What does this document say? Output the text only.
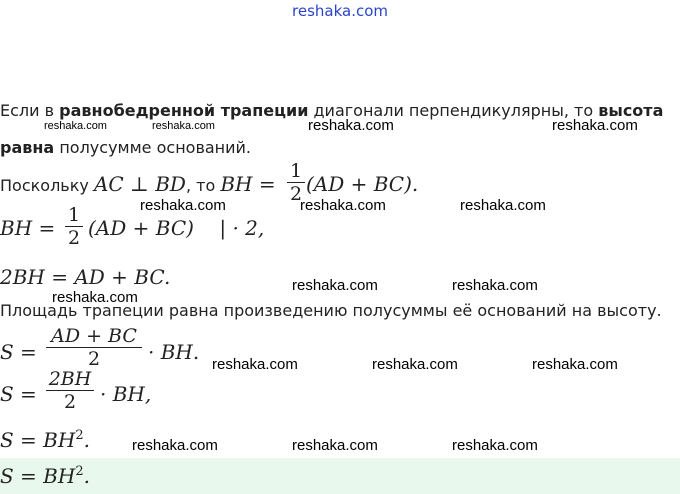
reshaka.com
Если в равнобедренной трапеции диагонали перпендикулярны, то высота
равна полусумме оснований.
Поскольку AC ⊥ BD, то BH = (AD + BC).
1
2
BH =
1
2 (AD + BC)    | · 2,
2BH = AD + BC.
Площадь трапеции равна произведению полусуммы её оснований на высоту.
S =
AD + BC
2	· BH.
S =
2BH
2	· BH,
$S = BH^2$.
$S = BH^2$.
reshaka.com	reshaka.com	reshaka.com	reshaka.com
reshaka.com	reshaka.com	reshaka.com
reshaka.com	reshaka.com
reshaka.com
reshaka.com	reshaka.com	reshaka.com
reshaka.com	reshaka.com	reshaka.com
